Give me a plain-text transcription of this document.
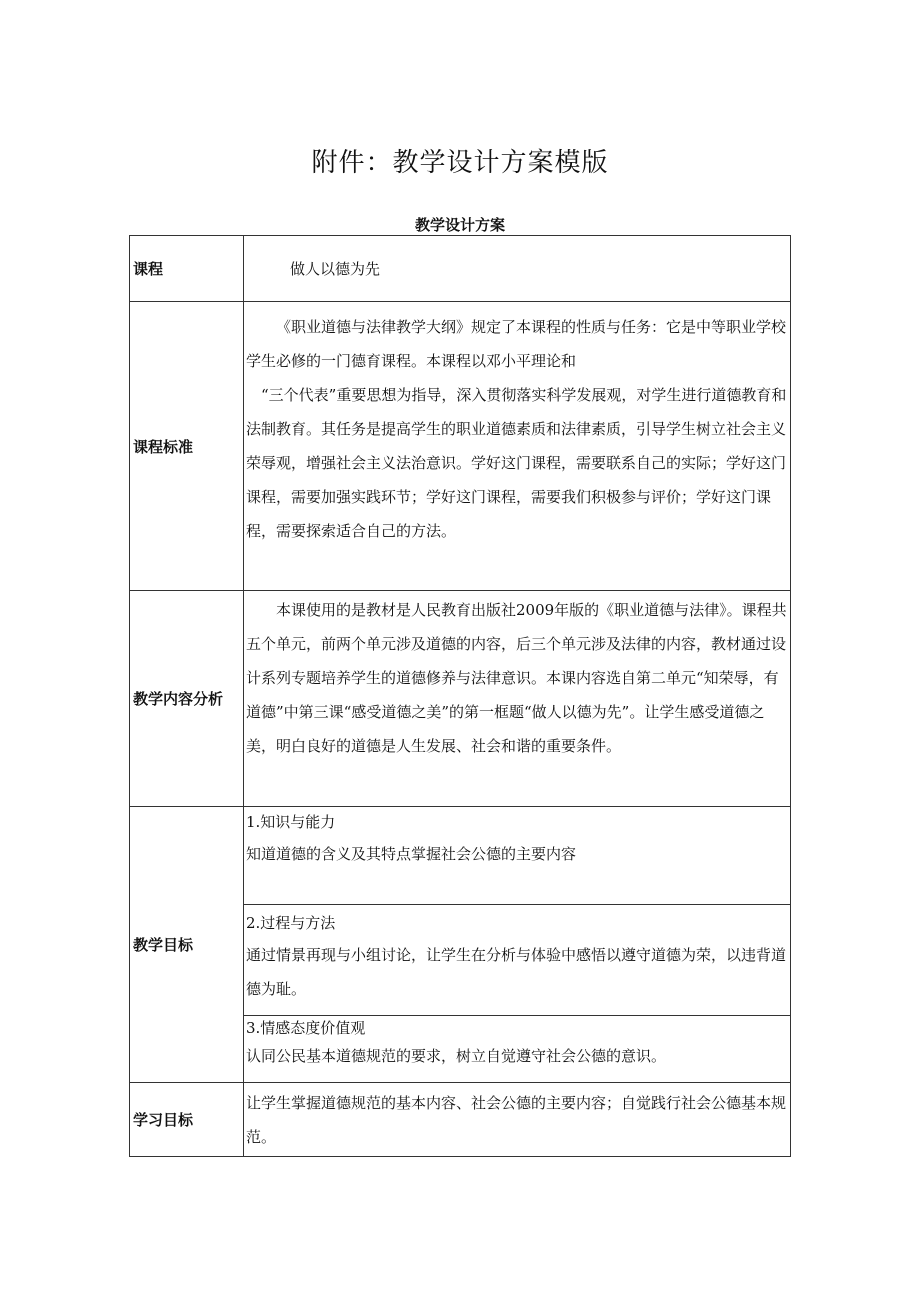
附件：教学设计方案模版
教学设计方案
课程	做人以德为先

课程标准	《职业道德与法律教学大纲》规定了本课程的性质与任务：它是中等职业学校学生必修的一门德育课程。本课程以邓小平理论和

“三个代表”重要思想为指导，深入贯彻落实科学发展观，对学生进行道德教育和法制教育。其任务是提高学生的职业道德素质和法律素质，引导学生树立社会主义荣辱观，增强社会主义法治意识。学好这门课程，需要联系自己的实际；学好这门课程，需要加强实践环节；学好这门课程，需要我们积极参与评价；学好这门课程，需要探索适合自己的方法。

教学内容分析	本课使用的是教材是人民教育出版社2009年版的《职业道德与法律》。课程共五个单元，前两个单元涉及道德的内容，后三个单元涉及法律的内容，教材通过设计系列专题培养学生的道德修养与法律意识。本课内容选自第二单元“知荣辱，有道德”中第三课“感受道德之美”的第一框题“做人以德为先”。让学生感受道德之美，明白良好的道德是人生发展、社会和谐的重要条件。

教学目标	1.知识与能力
知道道德的含义及其特点掌握社会公德的主要内容

	2.过程与方法
通过情景再现与小组讨论，让学生在分析与体验中感悟以遵守道德为荣，以违背道德为耻。

	3.情感态度价值观
认同公民基本道德规范的要求，树立自觉遵守社会公德的意识。

学习目标	让学生掌握道德规范的基本内容、社会公德的主要内容；自觉践行社会公德基本规范。
